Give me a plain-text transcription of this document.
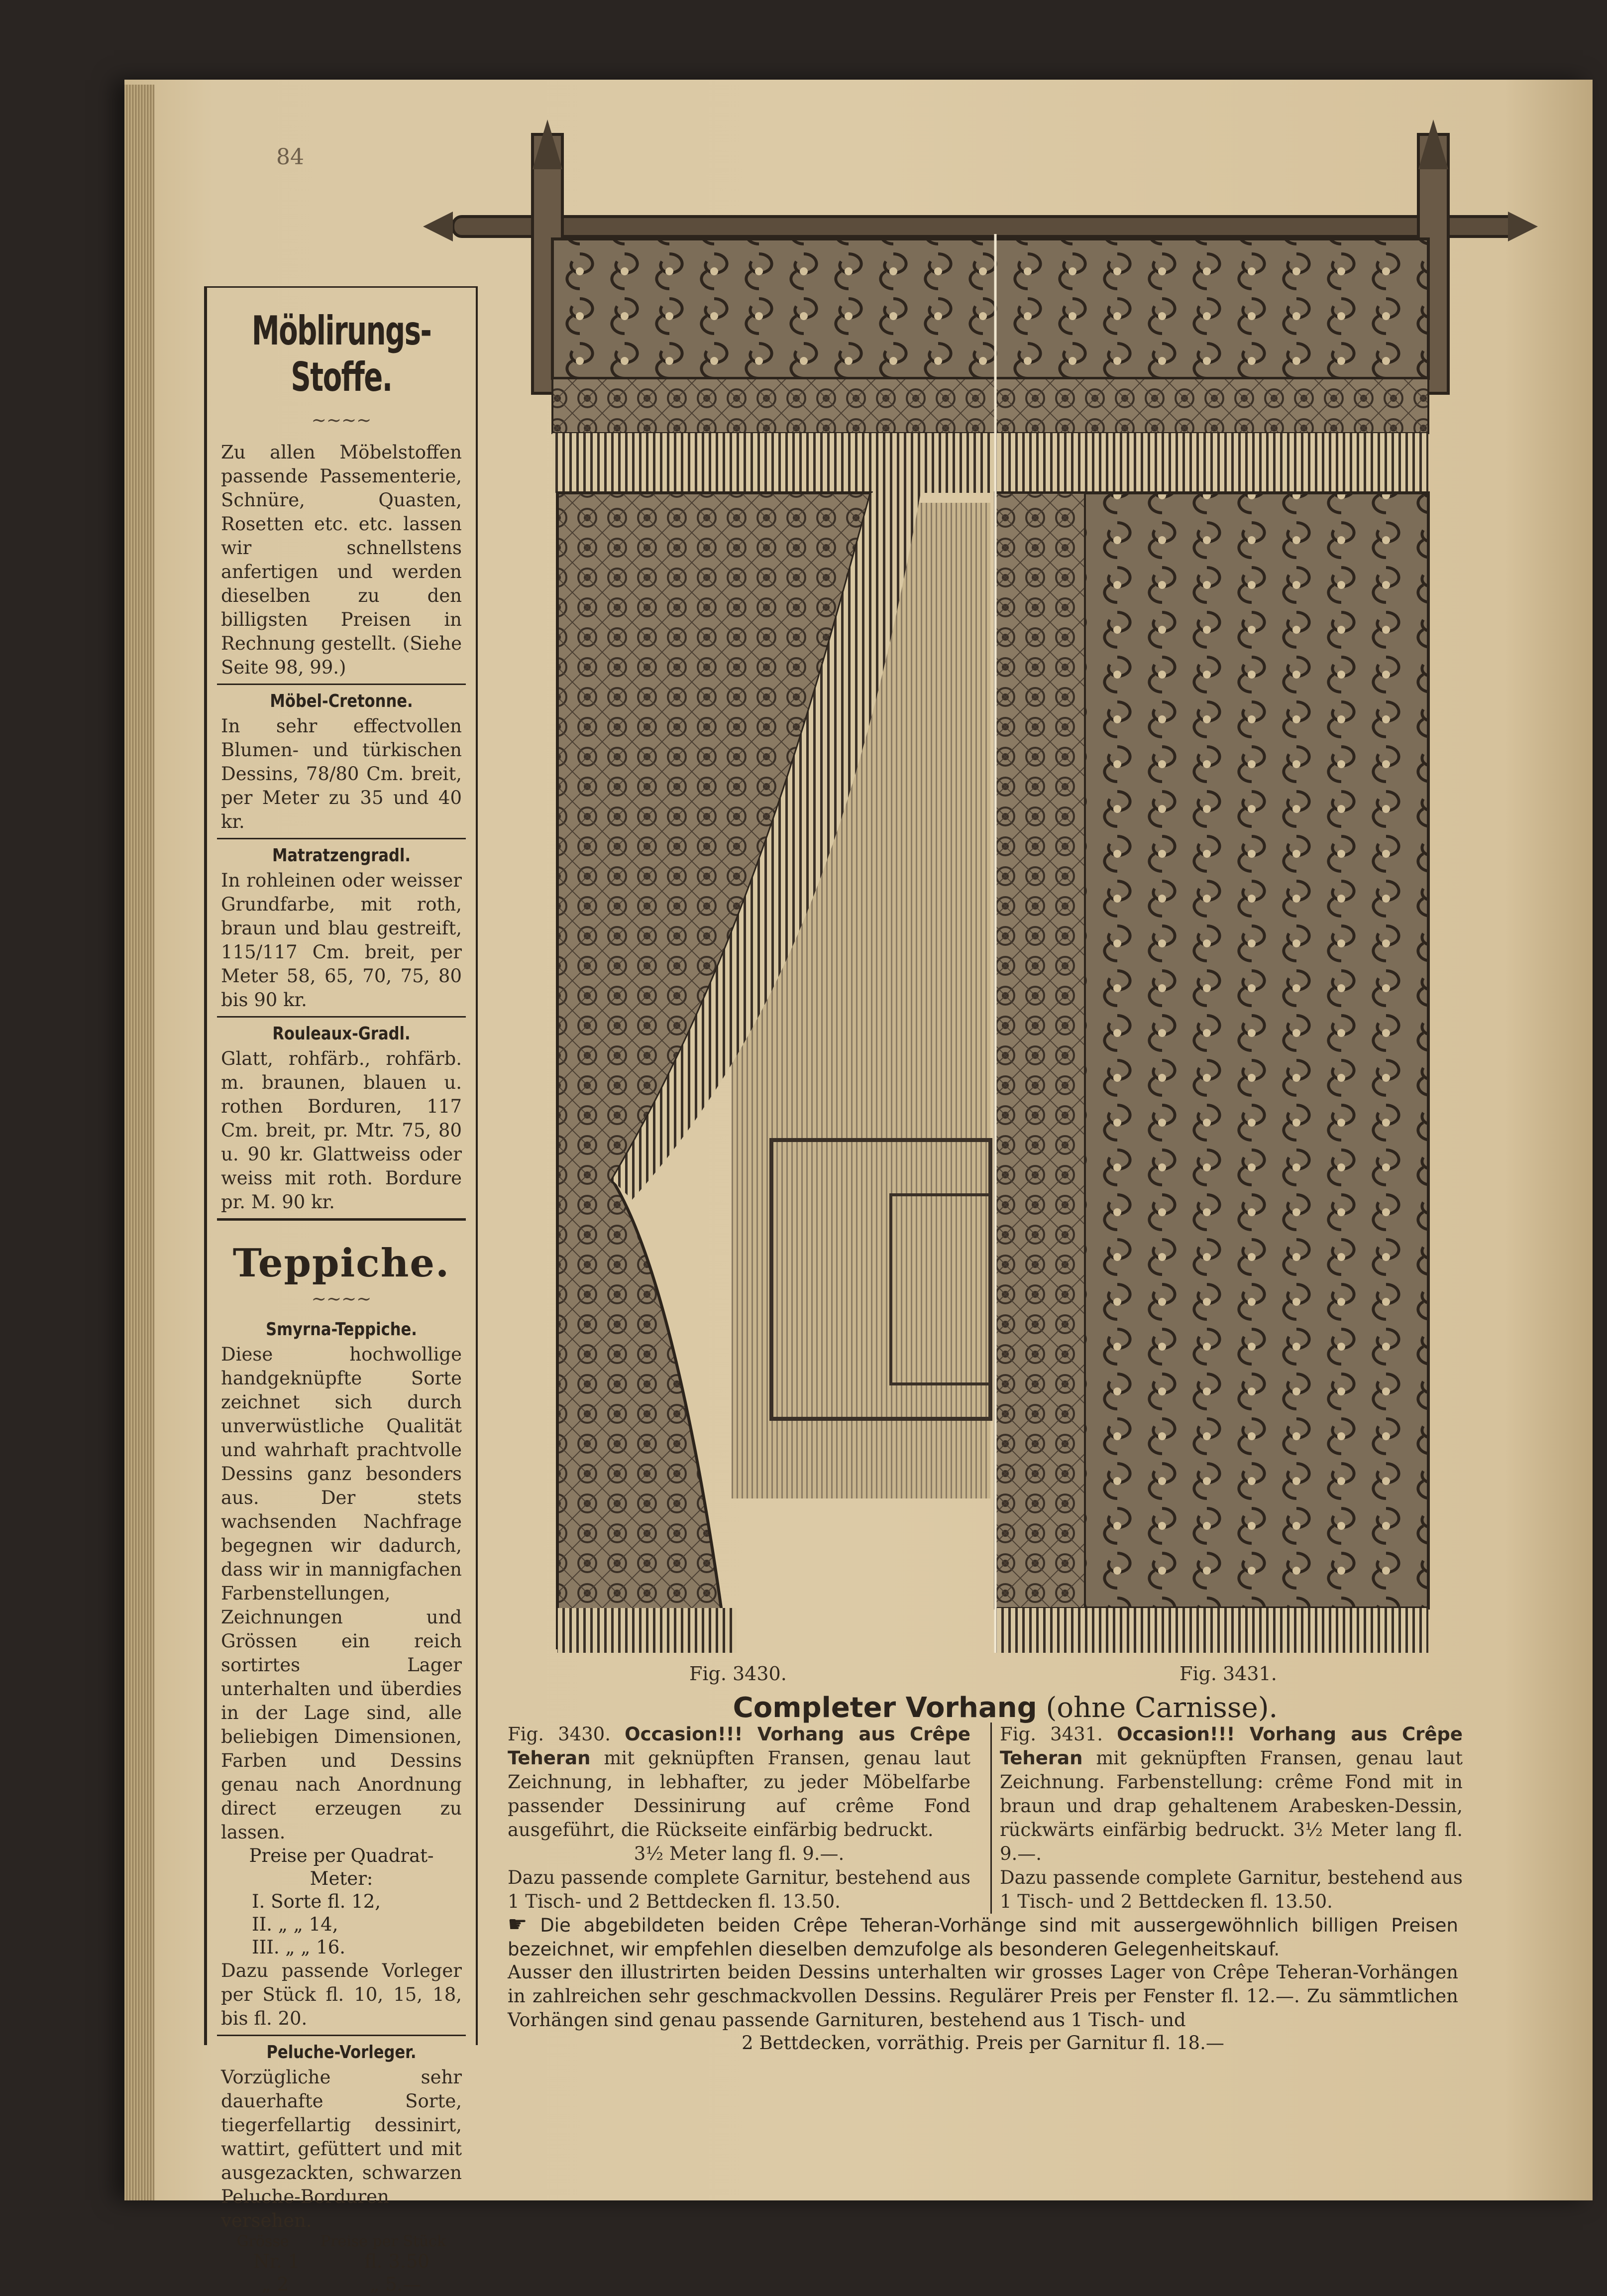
84
Möblirungs-Stoffe.
~~~~
Zu allen Möbelstoffen passende Passementerie, Schnüre, Quasten, Rosetten etc. etc. lassen wir schnellstens anfertigen und werden dieselben zu den billigsten Preisen in Rechnung gestellt. (Siehe Seite 98, 99.)
Möbel-Cretonne.
In sehr effectvollen Blumen- und türkischen Dessins, 78/80 Cm. breit, per Meter zu 35 und 40 kr.
Matratzengradl.
In rohleinen oder weisser Grundfarbe, mit roth, braun und blau gestreift, 115/117 Cm. breit, per Meter 58, 65, 70, 75, 80 bis 90 kr.
Rouleaux-Gradl.
Glatt, rohfärb., rohfärb. m. braunen, blauen u. rothen Borduren, 117 Cm. breit, pr. Mtr. 75, 80 u. 90 kr. Glattweiss oder weiss mit roth. Bordure pr. M. 90 kr.
Teppiche.
~~~~
Smyrna-Teppiche.
Diese hochwollige handgeknüpfte Sorte zeichnet sich durch unverwüstliche Qualität und wahrhaft prachtvolle Dessins ganz besonders aus. Der stets wachsenden Nachfrage begegnen wir dadurch, dass wir in mannigfachen Farbenstellungen, Zeichnungen und Grössen ein reich sortirtes Lager unterhalten und überdies in der Lage sind, alle beliebigen Dimensionen, Farben und Dessins genau nach Anordnung direct erzeugen zu lassen.
Preise per Quadrat-Meter:
I. Sorte fl. 12,
II. „ „ 14,
III. „ „ 16.
Dazu passende Vorleger per Stück fl. 10, 15, 18, bis fl. 20.
Peluche-Vorleger.
Vorzügliche sehr dauerhafte Sorte, tiegerfellartig dessinirt, wattirt, gefüttert und mit ausgezackten, schwarzen Peluche-Borduren versehen.
Grösse Preise per Stück
Nr. 1	fl. 3.50
„ 2	„ 5.—
Fig. 3430.	Fig. 3431.
Completer Vorhang (ohne Carnisse).
Fig. 3430. Occasion!!! Vorhang aus Crêpe Teheran mit geknüpften Fransen, genau laut Zeichnung, in lebhafter, zu jeder Möbelfarbe passender Dessinirung auf crême Fond ausgeführt, die Rückseite einfärbig bedruckt.
3½ Meter lang fl. 9.—.
Dazu passende complete Garnitur, bestehend aus 1 Tisch- und 2 Bettdecken fl. 13.50.
Fig. 3431. Occasion!!! Vorhang aus Crêpe Teheran mit geknüpften Fransen, genau laut Zeichnung. Farbenstellung: crême Fond mit in braun und drap gehaltenem Arabesken-Dessin, rückwärts einfärbig bedruckt. 3½ Meter lang fl. 9.—.
Dazu passende complete Garnitur, bestehend aus 1 Tisch- und 2 Bettdecken fl. 13.50.
☛ Die abgebildeten beiden Crêpe Teheran-Vorhänge sind mit aussergewöhnlich billigen Preisen bezeichnet, wir empfehlen dieselben demzufolge als besonderen Gelegenheitskauf.
Ausser den illustrirten beiden Dessins unterhalten wir grosses Lager von Crêpe Teheran-Vorhängen in zahlreichen sehr geschmackvollen Dessins. Regulärer Preis per Fenster fl. 12.—. Zu sämmtlichen Vorhängen sind genau passende Garnituren, bestehend aus 1 Tisch- und
2 Bettdecken, vorräthig. Preis per Garnitur fl. 18.—
